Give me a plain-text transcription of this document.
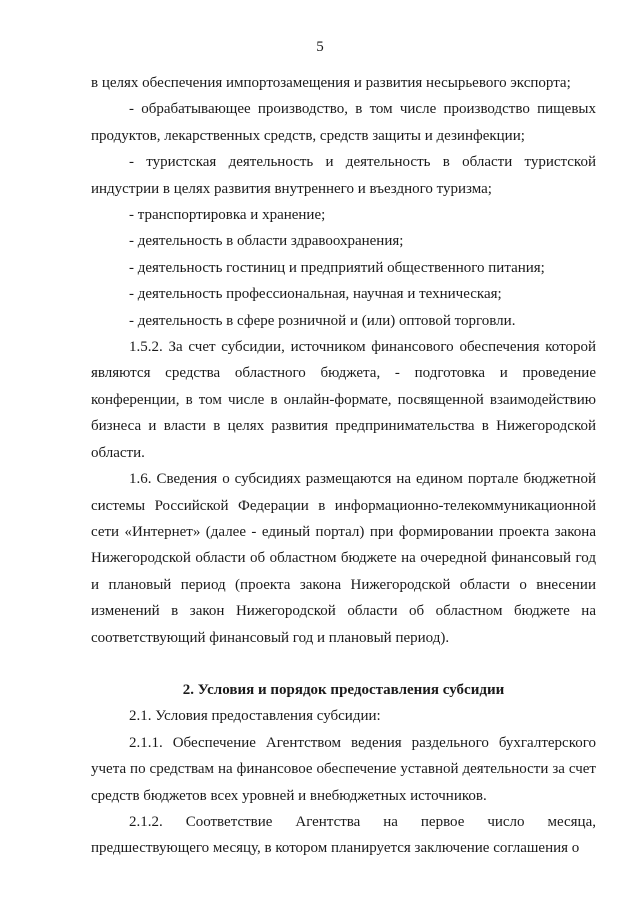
5

в целях обеспечения импортозамещения и развития несырьевого экспорта;

- обрабатывающее производство, в том числе производство пищевых продуктов, лекарственных средств, средств защиты и дезинфекции;

- туристская деятельность и деятельность в области туристской индустрии в целях развития внутреннего и въездного туризма;

- транспортировка и хранение;

- деятельность в области здравоохранения;

- деятельность гостиниц и предприятий общественного питания;

- деятельность профессиональная, научная и техническая;

- деятельность в сфере розничной и (или) оптовой торговли.

1.5.2. За счет субсидии, источником финансового обеспечения которой являются средства областного бюджета, - подготовка и проведение конференции, в том числе в онлайн-формате, посвященной взаимодействию бизнеса и власти в целях развития предпринимательства в Нижегородской области.

1.6. Сведения о субсидиях размещаются на едином портале бюджетной системы Российской Федерации в информационно-телекоммуникационной сети «Интернет» (далее - единый портал) при формировании проекта закона Нижегородской области об областном бюджете на очередной финансовый год и плановый период (проекта закона Нижегородской области о внесении изменений в закон Нижегородской области об областном бюджете на соответствующий финансовый год и плановый период).

2. Условия и порядок предоставления субсидии

2.1. Условия предоставления субсидии:

2.1.1. Обеспечение Агентством ведения раздельного бухгалтерского учета по средствам на финансовое обеспечение уставной деятельности за счет средств бюджетов всех уровней и внебюджетных источников.

2.1.2. Соответствие Агентства на первое число месяца, предшествующего месяцу, в котором планируется заключение соглашения о
